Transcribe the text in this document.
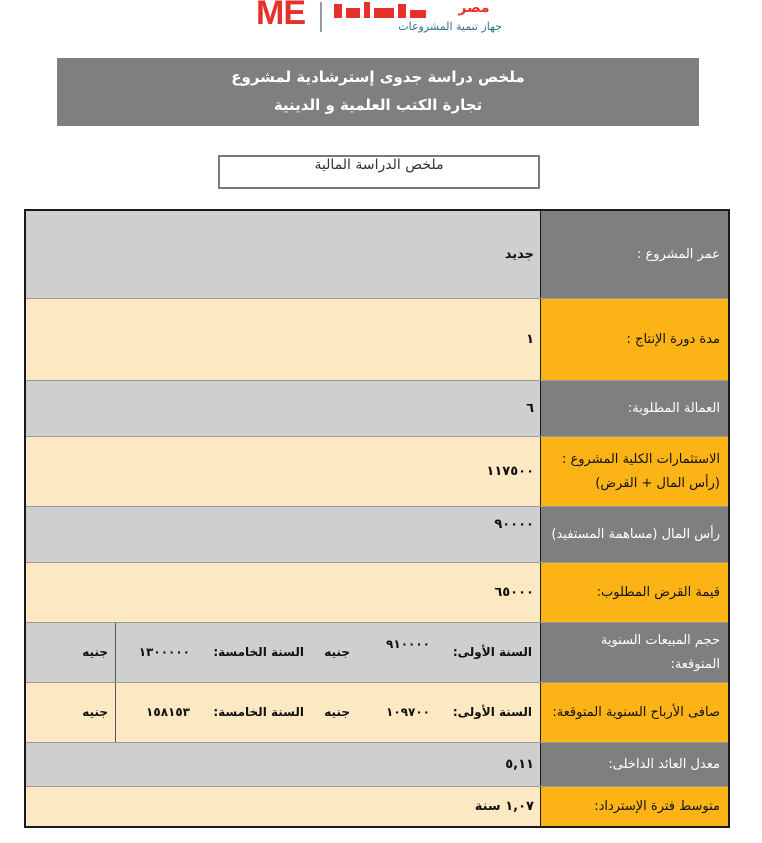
ME	مصر
جهاز تنمية المشروعات
ملخص دراسة جدوى إسترشادية لمشروع
تجارة الكتب العلمية و الدينية
ملخص الدراسة المالية
عمر المشروع :
جديد
مدة دورة الإنتاج :
١
العمالة المطلوبة:
٦
الاستثمارات الكلية المشروع :
(رأس المال + القرض)
١١٧٥٠٠
رأس المال (مساهمة المستفيد)
٩٠٠٠٠
قيمة القرض المطلوب:
٦٥٠٠٠
حجم المبيعات السنوية
المتوقعة:
السنة الأولى:
٩١٠٠٠٠
جنيه
السنة الخامسة:
١٣٠٠٠٠٠
جنيه
صافى الأرباح السنوية المتوقعة:
السنة الأولى:
١٠٩٧٠٠
جنيه
السنة الخامسة:
١٥٨١٥٣
جنيه
معدل العائد الداخلى:
٥,١١
متوسط فترة الإسترداد:
١,٠٧ سنة
